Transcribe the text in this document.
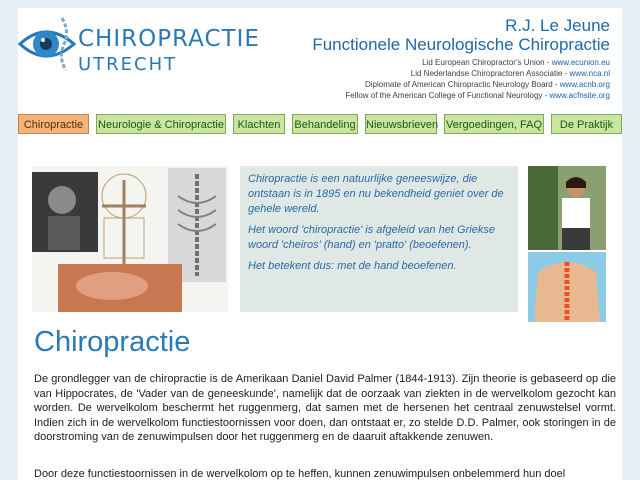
CHIROPRACTIE
UTRECHT
R.J. Le Jeune
Functionele Neurologische Chiropractie
Lid European Chiropractor's Union - www.ecunion.eu
Lid Nederlandse Chiropractoren Associatie - www.nca.nl
Diplomate of American Chiropractic Neurology Board - www.acnb.org
Fellow of the American College of Functional Neurology - www.acfnsite.org
Chiropractie	Neurologie & Chiropractie	Klachten	Behandeling Nieuwsbrieven Vergoedingen, FAQ	De Praktijk

Chiropractie is een natuurlijke geneeswijze, die ontstaan is in 1895 en nu bekendheid geniet over de gehele wereld.

Het woord 'chiropractie' is afgeleid van het Griekse woord 'cheiros' (hand) en 'pratto' (beoefenen).

Het betekent dus: met de hand beoefenen.

Chiropractie
De grondlegger van de chiropractie is de Amerikaan Daniel David Palmer (1844-1913). Zijn theorie is gebaseerd op die van Hippocrates, de 'Vader van de geneeskunde', namelijk dat de oorzaak van ziekten in de wervelkolom gezocht kan worden. De wervelkolom beschermt het ruggenmerg, dat samen met de hersenen het centraal zenuwstelsel vormt. Indien zich in de wervelkolom functiestoornissen voor doen, dan ontstaat er, zo stelde D.D. Palmer, ook storingen in de doorstroming van de zenuwimpulsen door het ruggenmerg en de daaruit aftakkende zenuwen.
Door deze functiestoornissen in de wervelkolom op te heffen, kunnen zenuwimpulsen onbelemmerd hun doel
